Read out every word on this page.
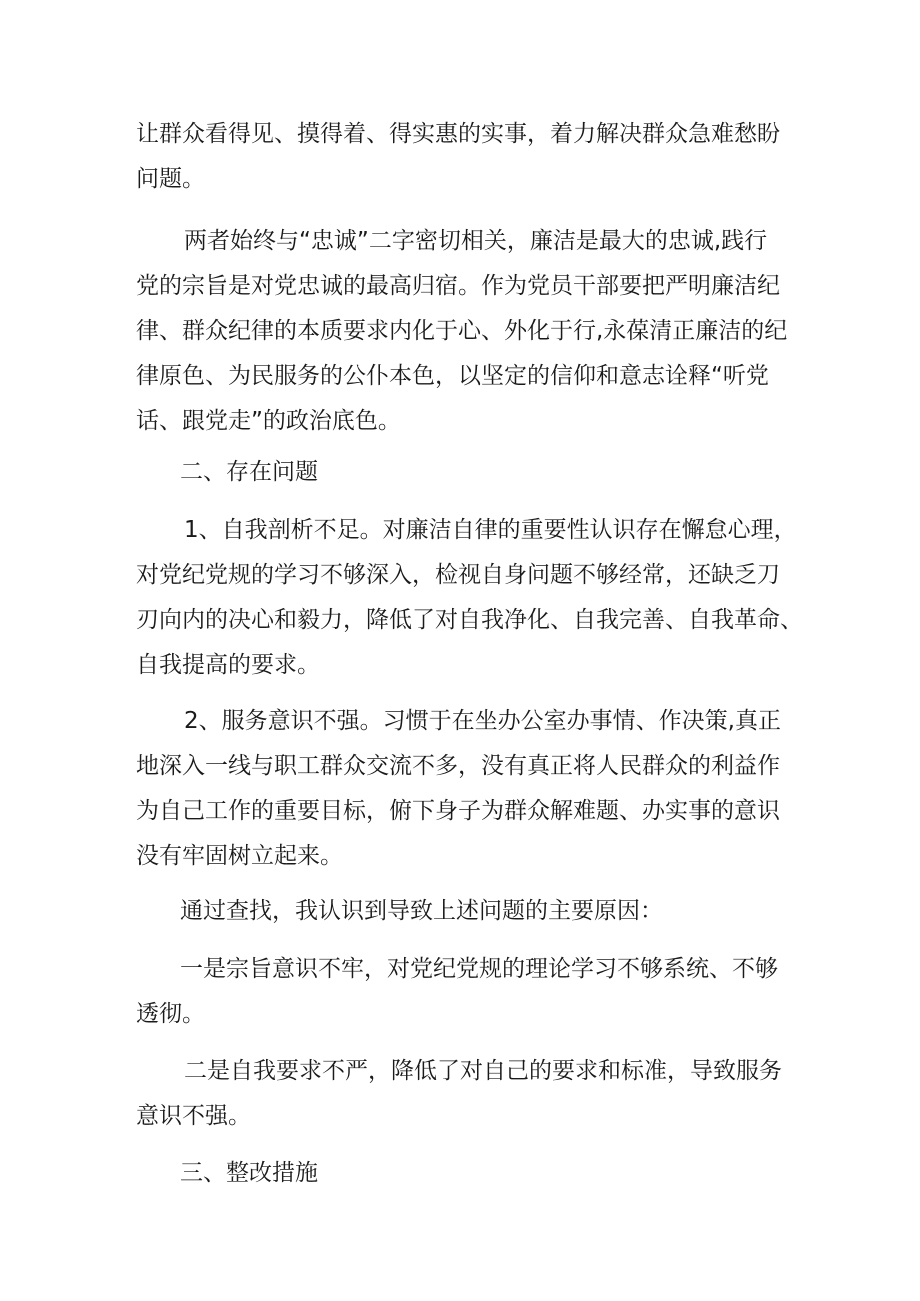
让群众看得见、摸得着、得实惠的实事，着力解决群众急难愁盼
问题。
两者始终与“忠诚”二字密切相关，廉洁是最大的忠诚,践行
党的宗旨是对党忠诚的最高归宿。作为党员干部要把严明廉洁纪
律、群众纪律的本质要求内化于心、外化于行,永葆清正廉洁的纪
律原色、为民服务的公仆本色，以坚定的信仰和意志诠释“听党
话、跟党走”的政治底色。
二、存在问题
1、自我剖析不足。对廉洁自律的重要性认识存在懈怠心理，
对党纪党规的学习不够深入，检视自身问题不够经常，还缺乏刀
刃向内的决心和毅力，降低了对自我净化、自我完善、自我革命、
自我提高的要求。
2、服务意识不强。习惯于在坐办公室办事情、作决策,真正
地深入一线与职工群众交流不多，没有真正将人民群众的利益作
为自己工作的重要目标，俯下身子为群众解难题、办实事的意识
没有牢固树立起来。
通过查找，我认识到导致上述问题的主要原因：
一是宗旨意识不牢，对党纪党规的理论学习不够系统、不够
透彻。
二是自我要求不严，降低了对自己的要求和标准，导致服务
意识不强。
三、整改措施
